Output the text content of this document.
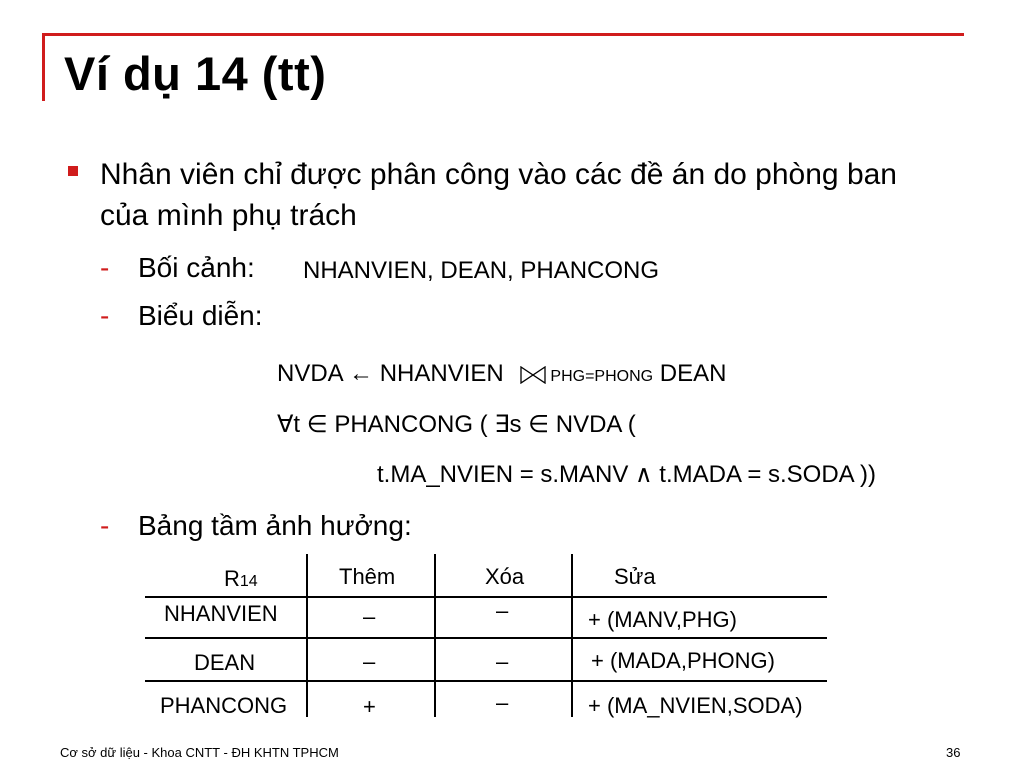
Ví dụ 14 (tt)
Nhân viên chỉ được phân công vào các đề án do phòng ban của mình phụ trách
- Bối cảnh: NHANVIEN, DEAN, PHANCONG
- Biểu diễn:
NVDA ← NHANVIEN	PHG=PHONG DEAN
∀t ∈ PHANCONG ( ∃s ∈ NVDA (
t.MA_NVIEN = s.MANV ∧ t.MADA = s.SODA ))
- Bảng tầm ảnh hưởng:
R14	Thêm	Xóa	Sửa
NHANVIEN	–	–	+ (MANV,PHG)
DEAN	–	–	+ (MADA,PHONG)
PHANCONG	+	–	+ (MA_NVIEN,SODA)
Cơ sở dữ liệu - Khoa CNTT - ĐH KHTN TPHCM	36
